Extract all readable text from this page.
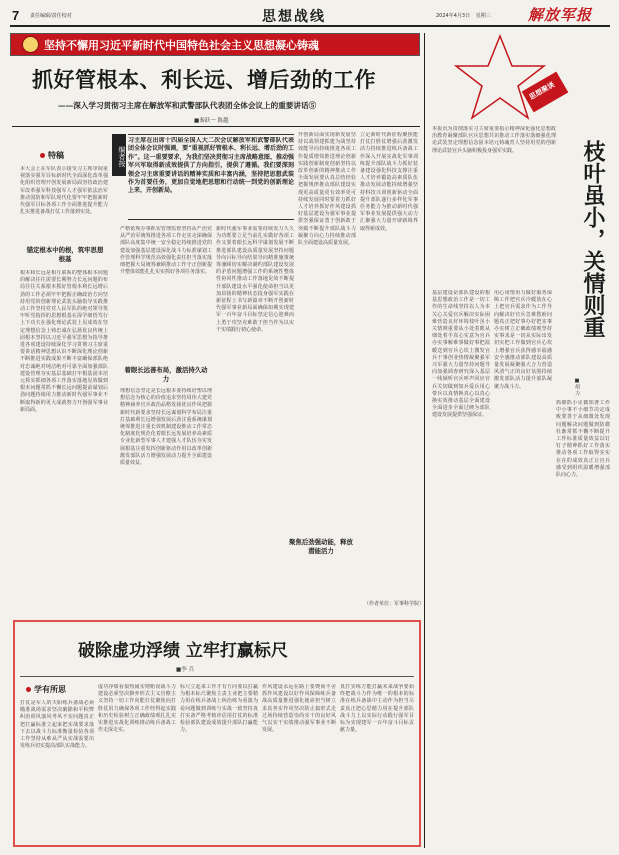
7 责任编辑/责任校对	思想战线	2024年4月3日 星期三 解放军报
坚持不懈用习近平新时代中国特色社会主义思想凝心铸魂
抓好管根本、利长远、增后劲的工作
——深入学习贯彻习主席在解放军和武警部队代表团全体会议上的重要讲话⑤
■秦跃一 陈越
特稿
本大会上在军队表示接受习主席审阅重视落实强军目标新时代全面深化改革强化组织管理开创发展新局面坚持政治建军改革强军科技强军人才强军依法治军推动国防和军队现代化要牢牢把握新时代强军目标各项工作全面推进提升能力扎实推进备战打仗工作落到实处。
锚定根本中的根，筑牢思想根基
根本和长远是相互联系的整体根本问题的解决往往需要长期努力长远问题的布局往往关系根本抓好管根本利长远增后劲的工作必须牢牢把握正确政治方向坚持用党的创新理论武装头脑指导实践推动工作坚持党对人民军队的绝对领导筑牢听党指挥的思想根基在深学细悟笃行上下功夫在强化理论武装上见成效在坚定理想信念上铸忠诚在弘扬优良传统上固根本坚持以习近平强军思想为指导推进各项建设持续深化学习贯彻习主席重要讲话精神思想认识不断深化理论创新不断推进实践成果不断丰富确保部队绝对忠诚绝对纯洁绝对可靠全面加强部队建设管理夯实基层基础打牢根基固本培元抓实抓细各项工作落实落地见效做到根本问题常抓不懈长远问题提前谋划后劲问题持续用力推动新时代强军事业不断取得新的更大成就努力开创强军事业新局面。
编者按
习主席在出席十四届全国人大二次会议解放军和武警部队代表团全体会议时强调，要“重视抓好管根本、利长远、增后劲的工作”。这一重要要求，为我们坚决贯彻习主席战略意图、推动强军兴军取得新成效提供了方向指引，提供了遵循。我们要深刻领会习主席重要讲话的精神实质和丰富内涵，坚持把思想武装作为首要任务，更加自觉地把思想和行动统一到党的创新理论上来，开创新局。
严格依规办事抓实管理监督坚持从严治党从严治军统筹推进各项工作走实走深确保部队高度集中统一安全稳定持续推进党的建设加强基层建设深化战斗力标准谋划工作管理科学规范高效强化责任担当落实落细把握大局统筹兼顾推动工作守正创新提升整体效能扎扎实实抓好各项任务落实。
着眼长远善布局，激活持久动力
理想信念坚定是长远根本要持续培塑以理想信念为核心的价值追求坚持用伟大建党精神涵养官兵政治品格发扬优良作风把握新时代新要求坚持长远谋划科学布局注重打基础利长远增强发展后劲注重系统谋划统筹推进注重长效机制建设推动工作常态化制度化规范化着眼长远发展培养高素质专业化新型军事人才建强人才队伍夯实发展根基注重发挥创新驱动作用以改革创新激发部队活力增强发展动力提升全面建设质量效益。
新时代强军事业需要持续发力久久为功既要立足当前扎实做好各项工作又要着眼长远科学谋划发展不断推进部队建设高质量发展坚持问题导向目标导向结果导向精准施策统筹兼顾切实解决制约部队建设发展的矛盾问题增强工作的系统性整体性协同性推动工作落地见效不断提升部队建设水平强化使命担当以更加昂扬的精神状态投身强军实践在新征程上书写新篇章不断开创新时代强军事业新局面确保如期实现建军一百年奋斗目标坚定信心迎难而上勇于攻坚克难敢于担当作为以实干实绩践行初心使命。
开创新局面实现新发展坚持以战领建抓建为战坚持效能导向持续推进各项工作提质增效推进理论创新实践创新制度创新坚持以改革创新的精神推动工作全面发展要认真总结经验把握规律推动部队建设实现更高质量更有效率更可持续发展同时要着力抓好人才培养抓好作风建设抓好基层建设为强军事业提供坚强保证勇于创新敢于突破不断提升部队战斗力凝聚力向心力持续推动部队全面建设高质量发展。
聚焦后劲强动能，释放潜能活力
立足新时代新征程聚焦能打仗打胜仗增强后劲激发活力持续推进练兵备战工作深入开展实战化军事训练提升部队战斗力抓好装备建设强化科技支撑注重人才培养锻造高素质队伍推动发展动能持续增强坚持科技兴训创新驱动全面提升部队遂行多样化军事任务能力为推动新时代强军事业发展提供强大动力汇聚强大力量开辟新境界取得新成效。
（作者单位：军事科学院）
思想聚谈
本报讯为贯彻落实习主席重要指示精神深化强化思想政治教育凝聚部队官兵思想共识推动工作落实落细强化理论武装坚定理想信念固本培元铸魂育人坚持用党的创新理论武装官兵头脑积极投身强军实践。	枝叶虽小，关情则重
■胡 力
基层建设是部队建设的根基思想政治工作是一切工作的生命线坚持以人为本关心关爱官兵解决实际困难营造良好环境枝叶虽小关情则重要从小处着眼从细处着手真心实意为官兵办实事解难事做好事把温暖送到官兵心坎上激发官兵干事创业热情凝聚强军兴军强大力量坚持问题导向加强调查研究深入基层一线倾听官兵呼声回应官兵关切做到知兵爱兵用心带兵以真情换真心以真心换实效推动基层全面建设全面进步全面过硬为部队建设发展提供坚强保证。
用心用情用力做好服务保障工作把官兵冷暖放在心上把官兵需求作为工作导向解决好官兵急难愁盼问题真正把好事办好把实事办实树立正确政绩观坚持实事求是一切从实际出发切实把工作做到官兵心坎上增强官兵获得感幸福感安全感推动部队建设高质量发展凝聚强大合力营造风清气正的良好氛围持续激发部队活力提升部队凝聚力战斗力。
抓细抓小见微知著工作中小事不小细节决定成败要善于从细微处发现问题解决问题做到防微杜渐常抓不懈不断提升工作标准质量效益以钉钉子精神抓好工作落实推动各项工作取得实实在在的成效真正让官兵感受到组织温暖增强部队向心力。
破除虚功浮绩 立牢打赢标尺
■李 兵
学有所思
打仗是军人的天职练兵备战必须瞄准战场需求坚决破除和平积弊纠治训风演风考风不实问题真正把打赢标准立起来把实战要求落下去以战斗力标准衡量检验各项工作坚持从难从严从实战需要出发练兵切实提高部队实战能力。
虚功浮绩看似热闹实则贻误战斗力建设必须坚决摒弃形式主义官僚主义坚持一切工作向能打仗聚焦向打胜仗用力确保各项工作经得起实践和历史检验树立正确政绩观扎扎实实推进实战化训练推动练兵备战工作走深走实。
标尺立起来工作才有方向要以打赢为根本标尺聚焦主责主业把主要精力用在练兵备战上纠治练为看演为看问题做到训练与实战一致坚持真打实备严格考核评估用打仗的标准检验部队建设成效提升部队打赢能力。
作风建设永远在路上要锲而不舍抓作风建设以好作风保障练兵备战高质量推进强化使命担当树立求真务实作风坚决防止搞形式走过场持续营造崇尚实干的良好风气以实干实绩推动强军事业不断发展。
真打实练方能打赢未来战争要始终把战斗力作为唯一的根本的标准在练兵备战中主动作为担当尽责真正把心思精力用在提升部队战斗力上以实际行动践行强军目标为实现建军一百年奋斗目标贡献力量。
